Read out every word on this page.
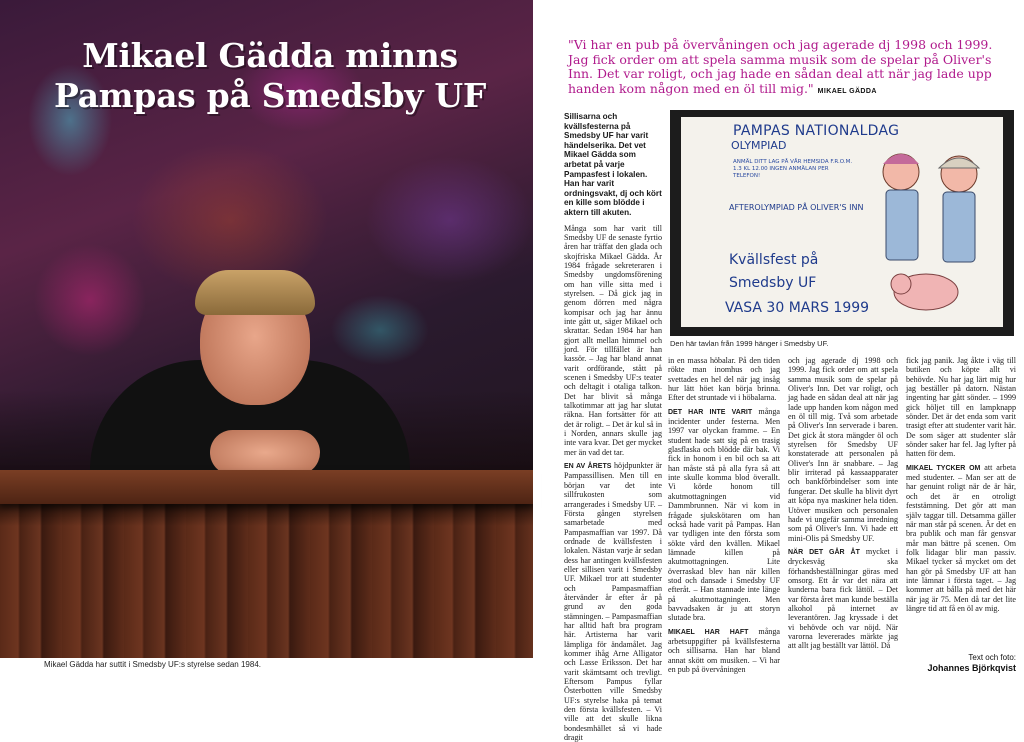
Mikael Gädda minns Pampas på Smedsby UF
Mikael Gädda har suttit i Smedsby UF:s styrelse sedan 1984.
"Vi har en pub på övervåningen och jag agerade dj 1998 och 1999. Jag fick order om att spela samma musik som de spelar på Oliver's Inn. Det var roligt, och jag hade en sådan deal att när jag lade upp handen kom någon med en öl till mig." MIKAEL GÄDDA
PAMPAS NATIONALDAG
OLYMPIAD
ANMÄL DITT LAG PÅ VÅR HEMSIDA F.R.O.M. 1.3 KL 12.00 INGEN ANMÄLAN PER TELEFON!
AFTEROLYMPIAD PÅ OLIVER'S INN
Kvällsfest på
Smedsby UF
VASA 30 MARS 1999
Den här tavlan från 1999 hänger i Smedsby UF.

Sillisarna och kvällsfesterna på Smedsby UF har varit händelserika. Det vet Mikael Gädda som arbetat på varje Pampasfest i lokalen. Han har varit ordningsvakt, dj och kört en kille som blödde i aktern till akuten.

Många som har varit till Smedsby UF de senaste fyrtio åren har träffat den glada och skojfriska Mikael Gädda. År 1984 frågade sekreteraren i Smedsby ungdomsförening om han ville sitta med i styrelsen. – Då gick jag in genom dörren med några kompisar och jag har ännu inte gått ut, säger Mikael och skrattar. Sedan 1984 har han gjort allt mellan himmel och jord. För tillfället är han kassör. – Jag har bland annat varit ordförande, stått på scenen i Smedsby UF:s teater och deltagit i otaliga talkon. Det har blivit så många talkotimmar att jag har slutat räkna. Han fortsätter för att det är roligt. – Det är kul så in i Norden, annars skulle jag inte vara kvar. Det ger mycket mer än vad det tar.

EN AV ÅRETS höjdpunkter är Pampassillisen. Men till en början var det inte sillfrukosten som arrangerades i Smedsby UF. – Första gången styrelsen samarbetade med Pampasmaffian var 1997. Då ordnade de kvällsfesten i lokalen. Nästan varje år sedan dess har antingen kvällsfesten eller sillisen varit i Smedsby UF. Mikael tror att studenter och Pampasmaffian återvänder år efter år på grund av den goda stämningen. – Pampasmaffian har alltid haft bra program här. Artisterna har varit lämpliga för ändamålet. Jag kommer ihåg Arne Alligator och Lasse Eriksson. Det har varit skämtsamt och trevligt. Eftersom Pampus fyllar Österbotten ville Smedsby UF:s styrelse haka på temat den första kvällsfesten. – Vi ville att det skulle likna bondesmhället så vi hade dragit

in en massa höbalar. På den tiden rökte man inomhus och jag svettades en hel del när jag insåg hur lätt höet kan börja brinna. Efter det struntade vi i höbalarna.

DET HAR INTE VARIT många incidenter under festerna. Men 1997 var olyckan framme. – En student hade satt sig på en trasig glasflaska och blödde där bak. Vi fick in honom i en bil och sa att han måste stå på alla fyra så att inte skulle komma blod överallt. Vi körde honom till akutmottagningen vid Dammbrunnen. När vi kom in frågade sjukskötaren om han också hade varit på Pampas. Han var tydligen inte den första som sökte vård den kvällen. Mikael lämnade killen på akutmottagningen. Lite överraskad blev han när killen stod och dansade i Smedsby UF efteråt. – Han stannade inte länge på akutmottagningen. Men bavvadsaken är ju att storyn slutade bra.

MIKAEL HAR HAFT många arbetsuppgifter på kvällsfesterna och sillisarna. Han har bland annat skött om musiken. – Vi har en pub på övervåningen

och jag agerade dj 1998 och 1999. Jag fick order om att spela samma musik som de spelar på Oliver's Inn. Det var roligt, och jag hade en sådan deal att när jag lade upp handen kom någon med en öl till mig. Två som arbetade på Oliver's Inn serverade i baren. Det gick åt stora mängder öl och styrelsen för Smedsby UF konstaterade att personalen på Oliver's Inn är snabbare. – Jag blir irriterad på kassaapparater och bankförbindelser som inte fungerar. Det skulle ha blivit dyrt att köpa nya maskiner hela tiden. Utöver musiken och personalen hade vi ungefär samma inredning som på Oliver's Inn. Vi hade ett mini-Olis på Smedsby UF.

NÄR DET GÅR ÅT mycket i dryckesväg ska förhandsbeställningar göras med omsorg. Ett år var det nära att kunderna bara fick lättöl. – Det var första året man kunde beställa alkohol på internet av leverantören. Jag kryssade i det vi behövde och var nöjd. När varorna levererades märkte jag att allt jag beställt var lättöl. Då

fick jag panik. Jag åkte i väg till butiken och köpte allt vi behövde. Nu har jag lärt mig hur jag beställer på datorn. Nästan ingenting har gått sönder. – 1999 gick höljet till en lampknapp sönder. Det är det enda som varit trasigt efter att studenter varit här. De som säger att studenter slår sönder saker har fel. Jag lyfter på hatten för dem.

MIKAEL TYCKER OM att arbeta med studenter. – Man ser att de har genuint roligt när de är här, och det är en otroligt feststämning. Det gör att man själv taggar till. Detsamma gäller när man står på scenen. Är det en bra publik och man får gensvar mår man bättre på scenen. Om folk lidagar blir man passiv. Mikael tycker så mycket om det han gör på Smedsby UF att han inte lämnar i första taget. – Jag kommer att bålla på med det här när jag är 75. Men då tar det lite längre tid att få en öl av mig.

Text och foto:
Johannes Björkqvist
